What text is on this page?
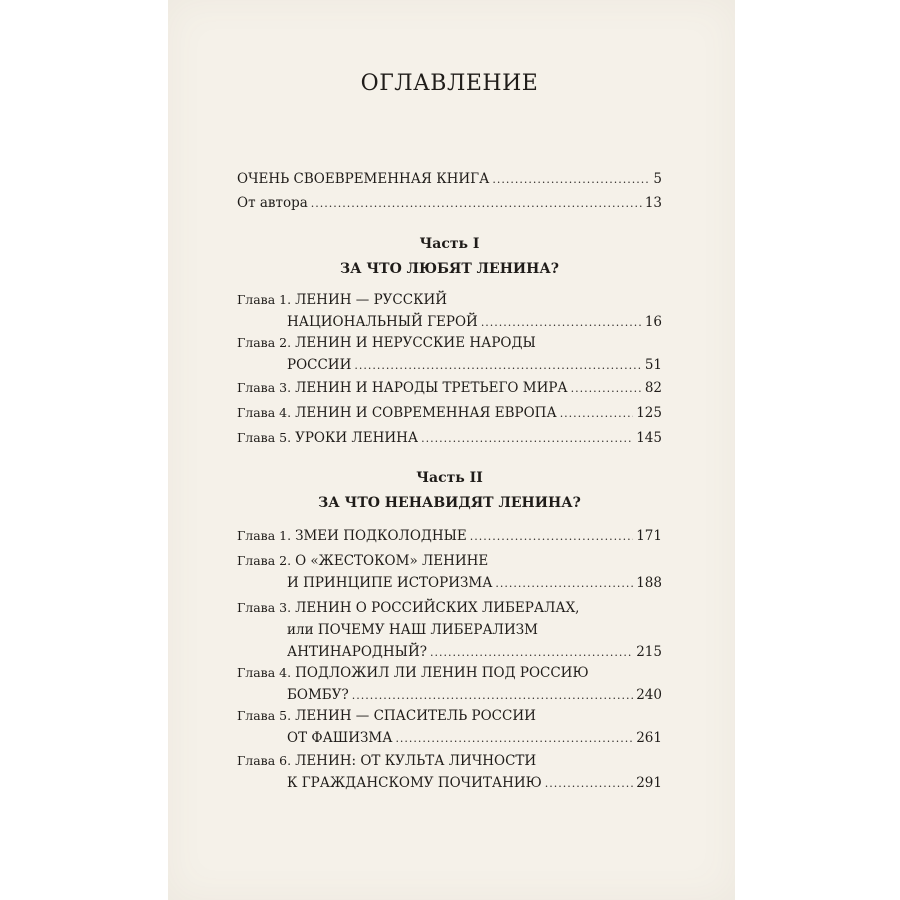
ОГЛАВЛЕНИЕ
ОЧЕНЬ СВОЕВРЕМЕННАЯ КНИГА .....	5
От автора .....	13
Часть I
ЗА ЧТО ЛЮБЯТ ЛЕНИНА?
Глава 1. ЛЕНИН — РУССКИЙ
НАЦИОНАЛЬНЫЙ ГЕРОЙ .....	16
Глава 2. ЛЕНИН И НЕРУССКИЕ НАРОДЫ
РОССИИ .....	51
Глава 3. ЛЕНИН И НАРОДЫ ТРЕТЬЕГО МИРА .....	82
Глава 4. ЛЕНИН И СОВРЕМЕННАЯ ЕВРОПА .....	125
Глава 5. УРОКИ ЛЕНИНА .....	145
Часть II
ЗА ЧТО НЕНАВИДЯТ ЛЕНИНА?
Глава 1. ЗМЕИ ПОДКОЛОДНЫЕ .....	171
Глава 2. О «ЖЕСТОКОМ» ЛЕНИНЕ
И ПРИНЦИПЕ ИСТОРИЗМА .....	188
Глава 3. ЛЕНИН О РОССИЙСКИХ ЛИБЕРАЛАХ,
или ПОЧЕМУ НАШ ЛИБЕРАЛИЗМ
АНТИНАРОДНЫЙ? .....	215
Глава 4. ПОДЛОЖИЛ ЛИ ЛЕНИН ПОД РОССИЮ
БОМБУ? .....	240
Глава 5. ЛЕНИН — СПАСИТЕЛЬ РОССИИ
ОТ ФАШИЗМА .....	261
Глава 6. ЛЕНИН: ОТ КУЛЬТА ЛИЧНОСТИ
К ГРАЖДАНСКОМУ ПОЧИТАНИЮ .....	291
